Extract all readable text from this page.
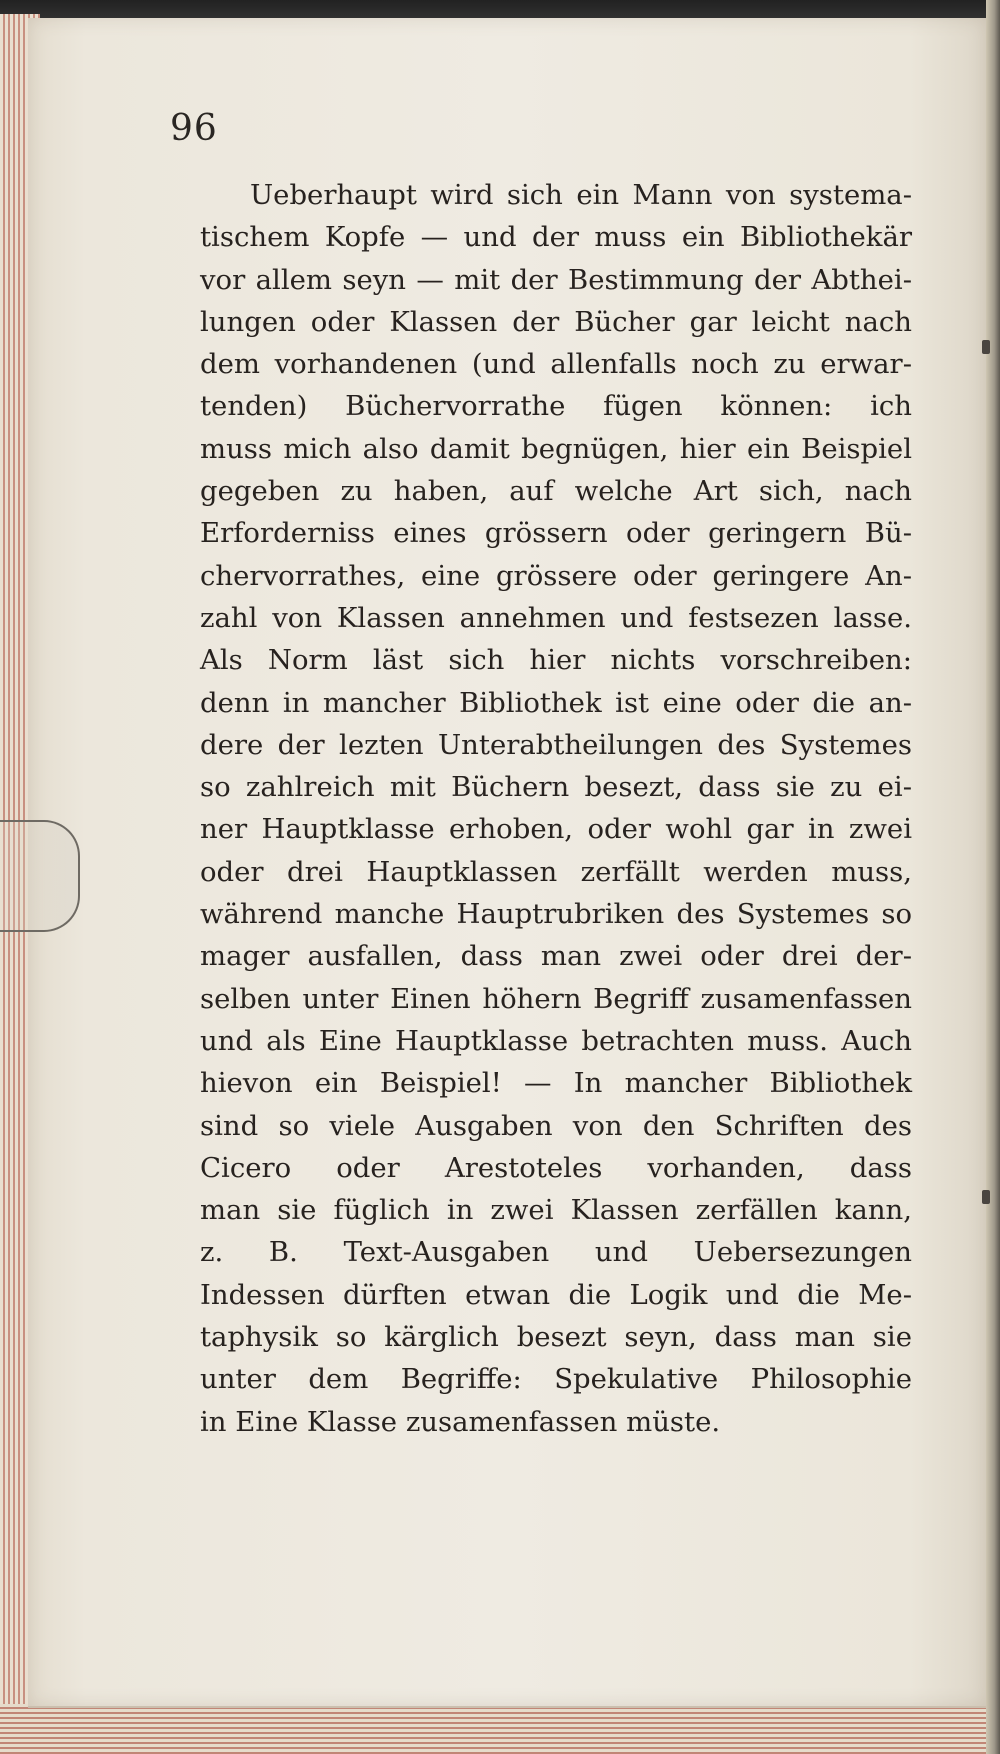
96
Ueberhaupt wird sich ein Mann von systema-
tischem Kopfe — und der muss ein Bibliothekär
vor allem seyn — mit der Bestimmung der Abthei-
lungen oder Klassen der Bücher gar leicht nach
dem vorhandenen (und allenfalls noch zu erwar-
tenden) Büchervorrathe fügen können: ich
muss mich also damit begnügen, hier ein Beispiel
gegeben zu haben, auf welche Art sich, nach
Erforderniss eines grössern oder geringern Bü-
chervorrathes, eine grössere oder geringere An-
zahl von Klassen annehmen und festsezen lasse.
Als Norm läst sich hier nichts vorschreiben:
denn in mancher Bibliothek ist eine oder die an-
dere der lezten Unterabtheilungen des Systemes
so zahlreich mit Büchern besezt, dass sie zu ei-
ner Hauptklasse erhoben, oder wohl gar in zwei
oder drei Hauptklassen zerfällt werden muss,
während manche Hauptrubriken des Systemes so
mager ausfallen, dass man zwei oder drei der-
selben unter Einen höhern Begriff zusamenfassen
und als Eine Hauptklasse betrachten muss. Auch
hievon ein Beispiel! — In mancher Bibliothek
sind so viele Ausgaben von den Schriften des
Cicero oder Arestoteles vorhanden, dass
man sie füglich in zwei Klassen zerfällen kann,
z. B. Text-Ausgaben und Uebersezungen
Indessen dürften etwan die Logik und die Me-
taphysik so kärglich besezt seyn, dass man sie
unter dem Begriffe: Spekulative Philosophie
in Eine Klasse zusamenfassen müste.
